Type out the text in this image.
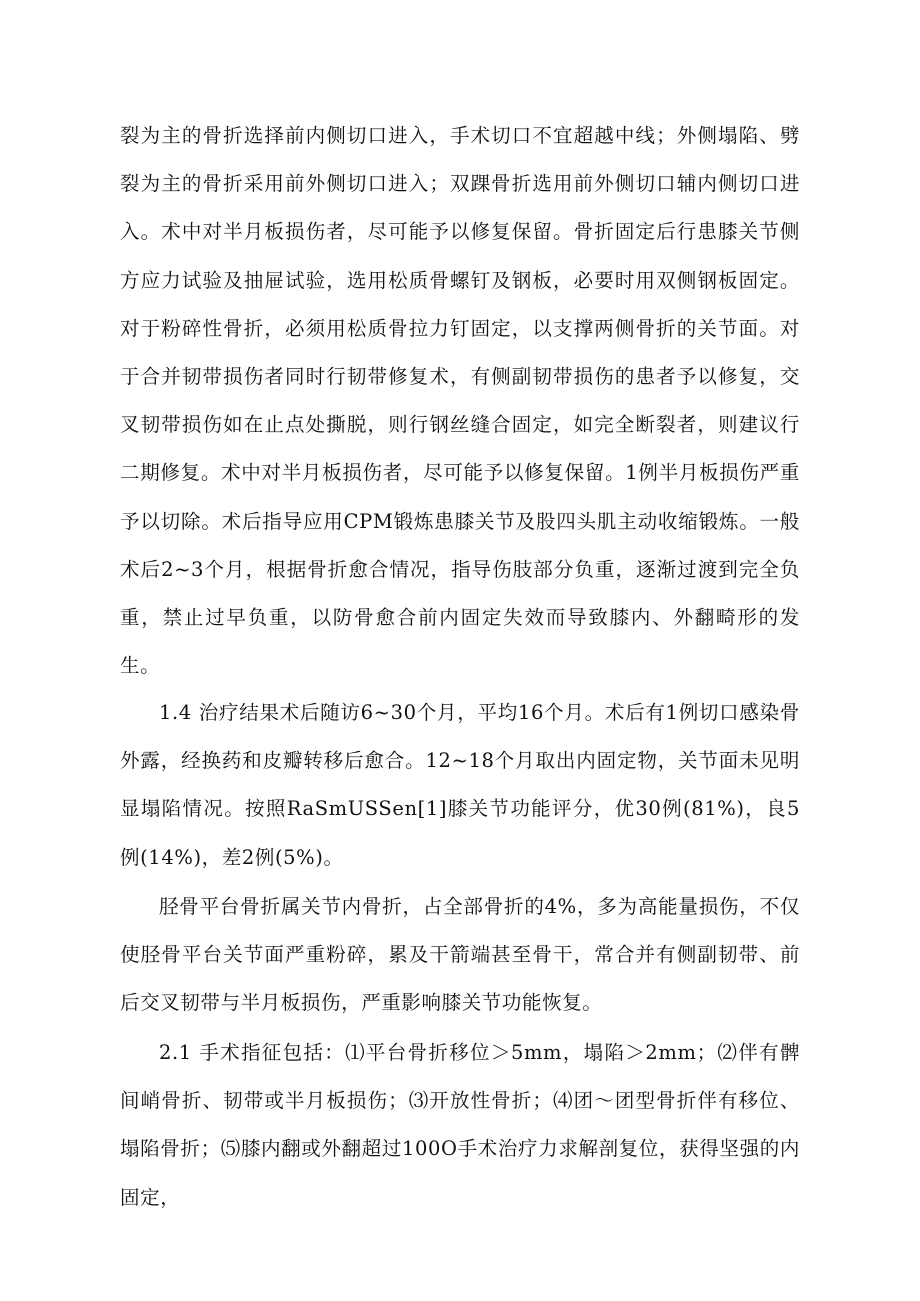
裂为主的骨折选择前内侧切口进入，手术切口不宜超越中线；外侧塌陷、劈裂为主的骨折采用前外侧切口进入；双踝骨折选用前外侧切口辅内侧切口进入。术中对半月板损伤者，尽可能予以修复保留。骨折固定后行患膝关节侧方应力试验及抽屉试验，选用松质骨螺钉及钢板，必要时用双侧钢板固定。对于粉碎性骨折，必须用松质骨拉力钉固定，以支撑两侧骨折的关节面。对于合并韧带损伤者同时行韧带修复术，有侧副韧带损伤的患者予以修复，交叉韧带损伤如在止点处撕脱，则行钢丝缝合固定，如完全断裂者，则建议行二期修复。术中对半月板损伤者，尽可能予以修复保留。1例半月板损伤严重予以切除。术后指导应用CPM锻炼患膝关节及股四头肌主动收缩锻炼。一般术后2~3个月，根据骨折愈合情况，指导伤肢部分负重，逐渐过渡到完全负重，禁止过早负重，以防骨愈合前内固定失效而导致膝内、外翻畸形的发生。

1.4 治疗结果术后随访6~30个月，平均16个月。术后有1例切口感染骨外露，经换药和皮瓣转移后愈合。12~18个月取出内固定物，关节面未见明显塌陷情况。按照RaSmUSSen[1]膝关节功能评分，优30例(81%)，良5例(14%)，差2例(5%)。

胫骨平台骨折属关节内骨折，占全部骨折的4%，多为高能量损伤，不仅使胫骨平台关节面严重粉碎，累及干箭端甚至骨干，常合并有侧副韧带、前后交叉韧带与半月板损伤，严重影响膝关节功能恢复。

2.1 手术指征包括：⑴平台骨折移位＞5mm，塌陷＞2mm；⑵伴有髀间峭骨折、韧带或半月板损伤；⑶开放性骨折；⑷团～团型骨折伴有移位、塌陷骨折；⑸膝内翻或外翻超过100O手术治疗力求解剖复位，获得坚强的内固定，
